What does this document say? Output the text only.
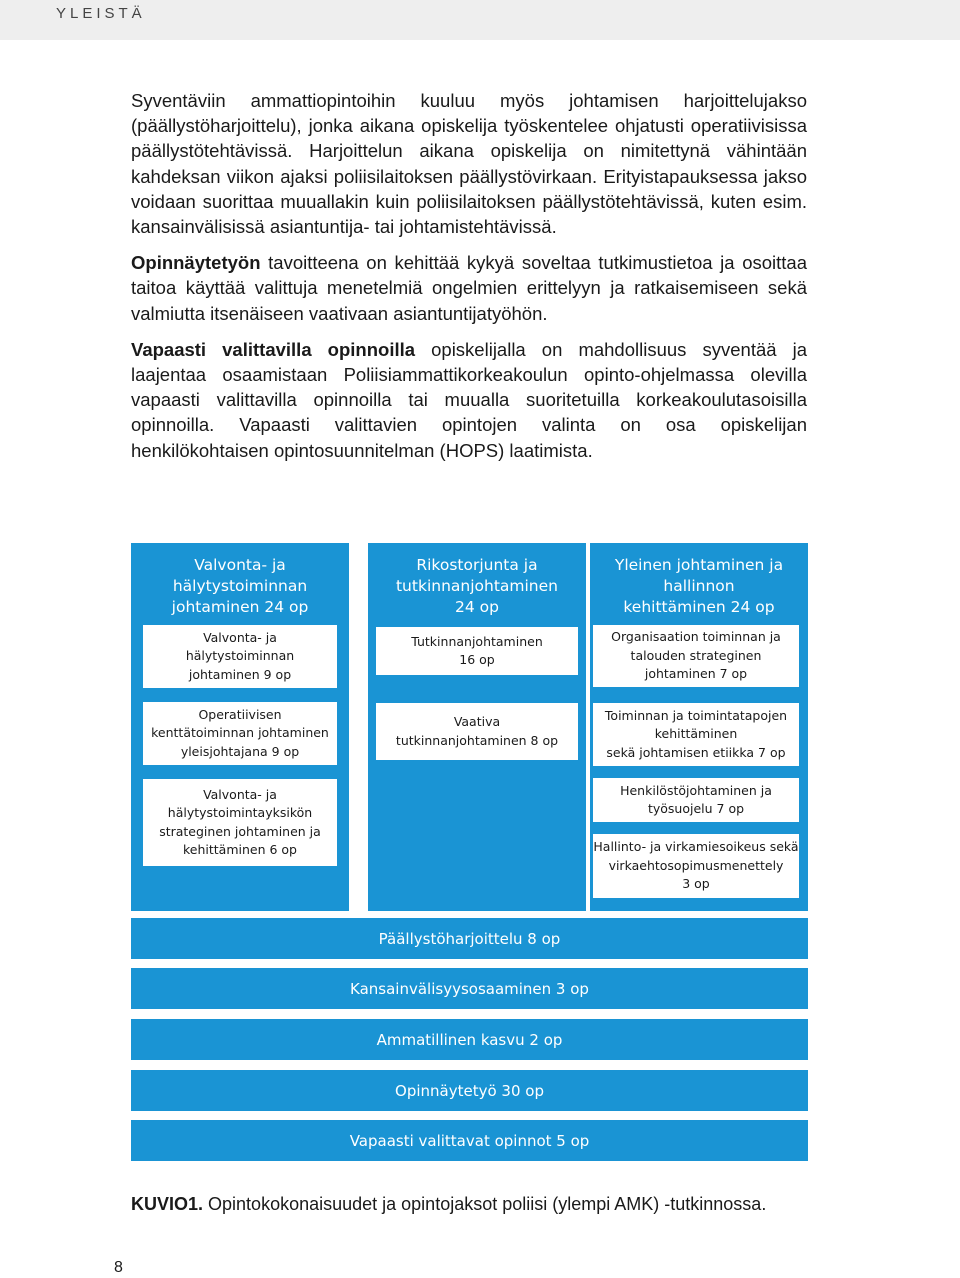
YLEISTÄ

Syventäviin ammattiopintoihin kuuluu myös johtamisen harjoittelujakso (päällystöharjoittelu), jonka aikana opiskelija työskentelee ohjatusti operatiivisissa päällystötehtävissä. Harjoittelun aikana opiskelija on nimitettynä vähintään kahdeksan viikon ajaksi poliisilaitoksen päällystövirkaan. Erityistapauksessa jakso voidaan suorittaa muuallakin kuin poliisilaitoksen päällystötehtävissä, kuten esim. kansainvälisissä asiantuntija- tai johtamistehtävissä.

Opinnäytetyön tavoitteena on kehittää kykyä soveltaa tutkimustietoa ja osoittaa taitoa käyttää valittuja menetelmiä ongelmien erittelyyn ja ratkaisemiseen sekä valmiutta itsenäiseen vaativaan asiantuntijatyöhön.

Vapaasti valittavilla opinnoilla opiskelijalla on mahdollisuus syventää ja laajentaa osaamistaan Poliisiammattikorkeakoulun opinto-ohjelmassa olevilla vapaasti valittavilla opinnoilla tai muualla suoritetuilla korkeakoulutasoisilla opinnoilla. Vapaasti valittavien opintojen valinta on osa opiskelijan henkilökohtaisen opintosuunnitelman (HOPS) laatimista.

Valvonta- ja
hälytystoiminnan
johtaminen 24 op
Valvonta- ja
hälytystoiminnan
johtaminen 9 op
Operatiivisen
kenttätoiminnan johtaminen
yleisjohtajana 9 op
Valvonta- ja
hälytystoimintayksikön
strateginen johtaminen ja
kehittäminen 6 op
Rikostorjunta ja
tutkinnanjohtaminen
24 op
Tutkinnanjohtaminen
16 op
Vaativa
tutkinnanjohtaminen 8 op
Yleinen johtaminen ja
hallinnon
kehittäminen 24 op
Organisaation toiminnan ja
talouden strateginen
johtaminen 7 op
Toiminnan ja toimintatapojen
kehittäminen
sekä johtamisen etiikka 7 op
Henkilöstöjohtaminen ja
työsuojelu 7 op
Hallinto- ja virkamiesoikeus sekä
virkaehtosopimusmenettely
3 op
Päällystöharjoittelu 8 op
Kansainvälisyysosaaminen 3 op
Ammatillinen kasvu 2 op
Opinnäytetyö 30 op
Vapaasti valittavat opinnot 5 op
KUVIO1. Opintokokonaisuudet ja opintojaksot poliisi (ylempi AMK) -tutkinnossa.
8
